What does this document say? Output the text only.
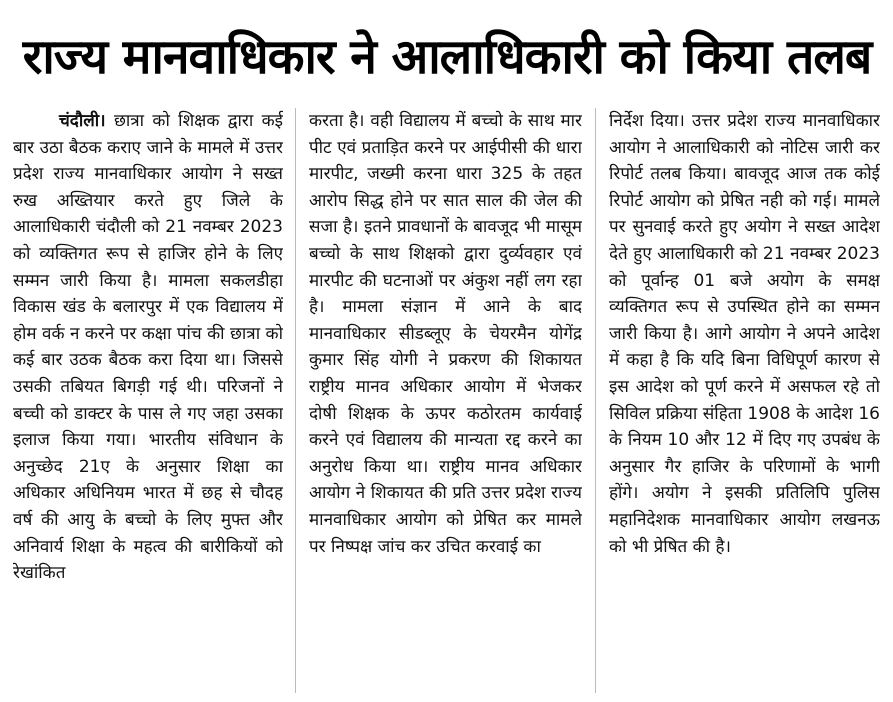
राज्य मानवाधिकार ने आलाधिकारी को किया तलब

चंदौली। छात्रा को शिक्षक द्वारा कई बार उठा बैठक कराए जाने के मामले में उत्तर प्रदेश राज्य मानवाधिकार आयोग ने सख्त रुख अख्तियार करते हुए जिले के आलाधिकारी चंदौली को 21 नवम्बर 2023 को व्यक्तिगत रूप से हाजिर होने के लिए सम्मन जारी किया है। मामला सकलडीहा विकास खंड के बलारपुर में एक विद्यालय में होम वर्क न करने पर कक्षा पांच की छात्रा को कई बार उठक बैठक करा दिया था। जिससे उसकी तबियत बिगड़ी गई थी। परिजनों ने बच्ची को डाक्टर के पास ले गए जहा उसका इलाज किया गया। भारतीय संविधान के अनुच्छेद 21ए के अनुसार शिक्षा का अधिकार अधिनियम भारत में छह से चौदह वर्ष की आयु के बच्चो के लिए मुफ्त और अनिवार्य शिक्षा के महत्व की बारीकियों को रेखांकित

करता है। वही विद्यालय में बच्चो के साथ मार पीट एवं प्रताड़ित करने पर आईपीसी की धारा मारपीट, जख्मी करना धारा 325 के तहत आरोप सिद्ध होने पर सात साल की जेल की सजा है। इतने प्रावधानों के बावजूद भी मासूम बच्चो के साथ शिक्षको द्वारा दुर्व्यवहार एवं मारपीट की घटनाओं पर अंकुश नहीं लग रहा है। मामला संज्ञान में आने के बाद मानवाधिकार सीडब्लूए के चेयरमैन योगेंद्र कुमार सिंह योगी ने प्रकरण की शिकायत राष्ट्रीय मानव अधिकार आयोग में भेजकर दोषी शिक्षक के ऊपर कठोरतम कार्यवाई करने एवं विद्यालय की मान्यता रद्द करने का अनुरोध किया था। राष्ट्रीय मानव अधिकार आयोग ने शिकायत की प्रति उत्तर प्रदेश राज्य मानवाधिकार आयोग को प्रेषित कर मामले पर निष्पक्ष जांच कर उचित करवाई का

निर्देश दिया। उत्तर प्रदेश राज्य मानवाधिकार आयोग ने आलाधिकारी को नोटिस जारी कर रिपोर्ट तलब किया। बावजूद आज तक कोई रिपोर्ट आयोग को प्रेषित नही को गई। मामले पर सुनवाई करते हुए अयोग ने सख्त आदेश देते हुए आलाधिकारी को 21 नवम्बर 2023 को पूर्वान्ह 01 बजे अयोग के समक्ष व्यक्तिगत रूप से उपस्थित होने का सम्मन जारी किया है। आगे आयोग ने अपने आदेश में कहा है कि यदि बिना विधिपूर्ण कारण से इस आदेश को पूर्ण करने में असफल रहे तो सिविल प्रक्रिया संहिता 1908 के आदेश 16 के नियम 10 और 12 में दिए गए उपबंध के अनुसार गैर हाजिर के परिणामों के भागी होंगे। अयोग ने इसकी प्रतिलिपि पुलिस महानिदेशक मानवाधिकार आयोग लखनऊ को भी प्रेषित की है।
